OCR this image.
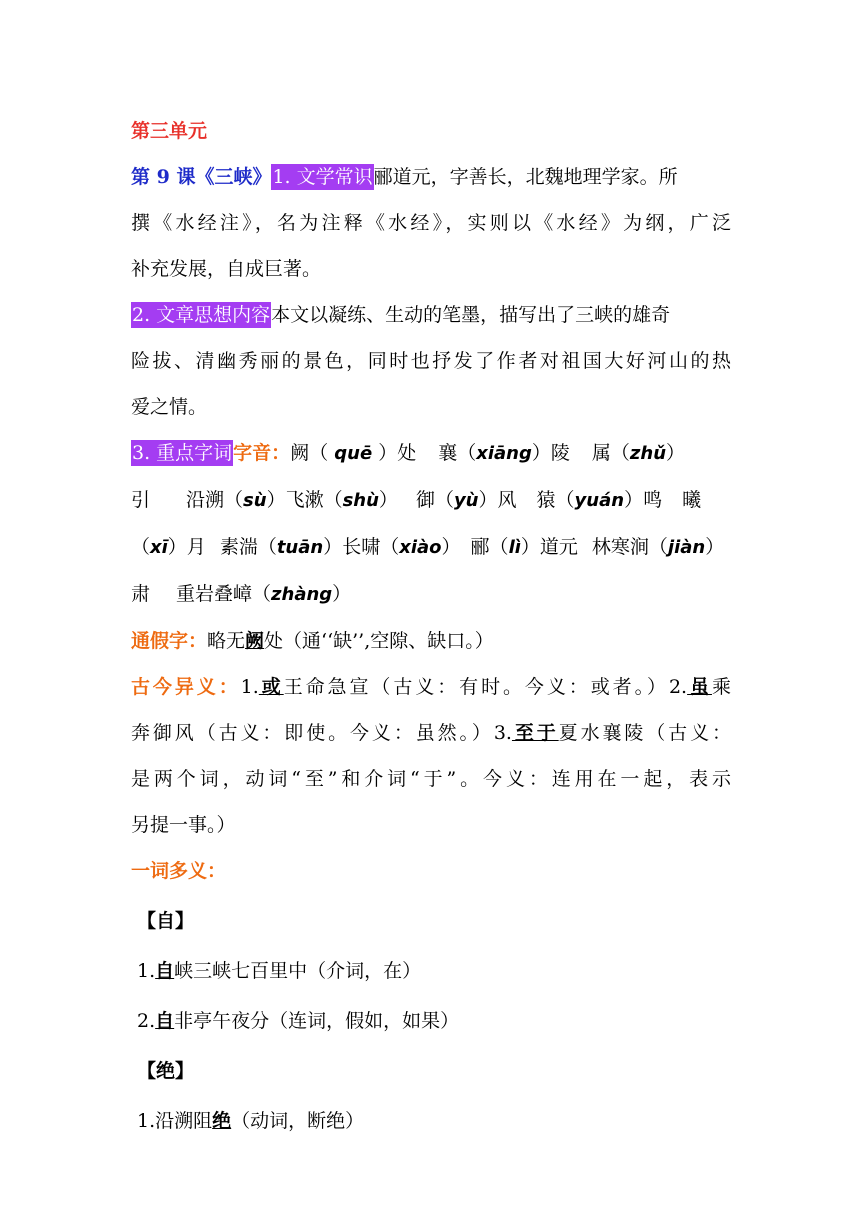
第三单元
第 9 课《三峡》1. 文学常识郦道元，字善长，北魏地理学家。所
撰《水经注》，名为注释《水经》，实则以《水经》为纲，广泛
补充发展，自成巨著。
2. 文章思想内容本文以凝练、生动的笔墨，描写出了三峡的雄奇
险拔、清幽秀丽的景色，同时也抒发了作者对祖国大好河山的热
爱之情。
3. 重点字词字音：阙（ quē ）处 襄（xiāng）陵 属（zhǔ）
引 沿溯（sù）飞漱（shù） 御（yù）风 猿（yuán）鸣 曦
（xī）月 素湍（tuān）长啸（xiào） 郦（lì）道元 林寒涧（jiàn）
肃 重岩叠嶂（zhàng）
通假字：略无阙处（通‘‘缺’’,空隙、缺口。）
古今异义：1.或王命急宣（古义：有时。今义：或者。）2.虽乘
奔御风（古义：即使。今义：虽然。）3.至于夏水襄陵（古义：
是两个词，动词“至”和介词“于”。今义：连用在一起，表示
另提一事。）
一词多义：
【自】
1.自峡三峡七百里中（介词，在）
2.自非亭午夜分（连词，假如，如果）
【绝】
1.沿溯阻绝（动词，断绝）
